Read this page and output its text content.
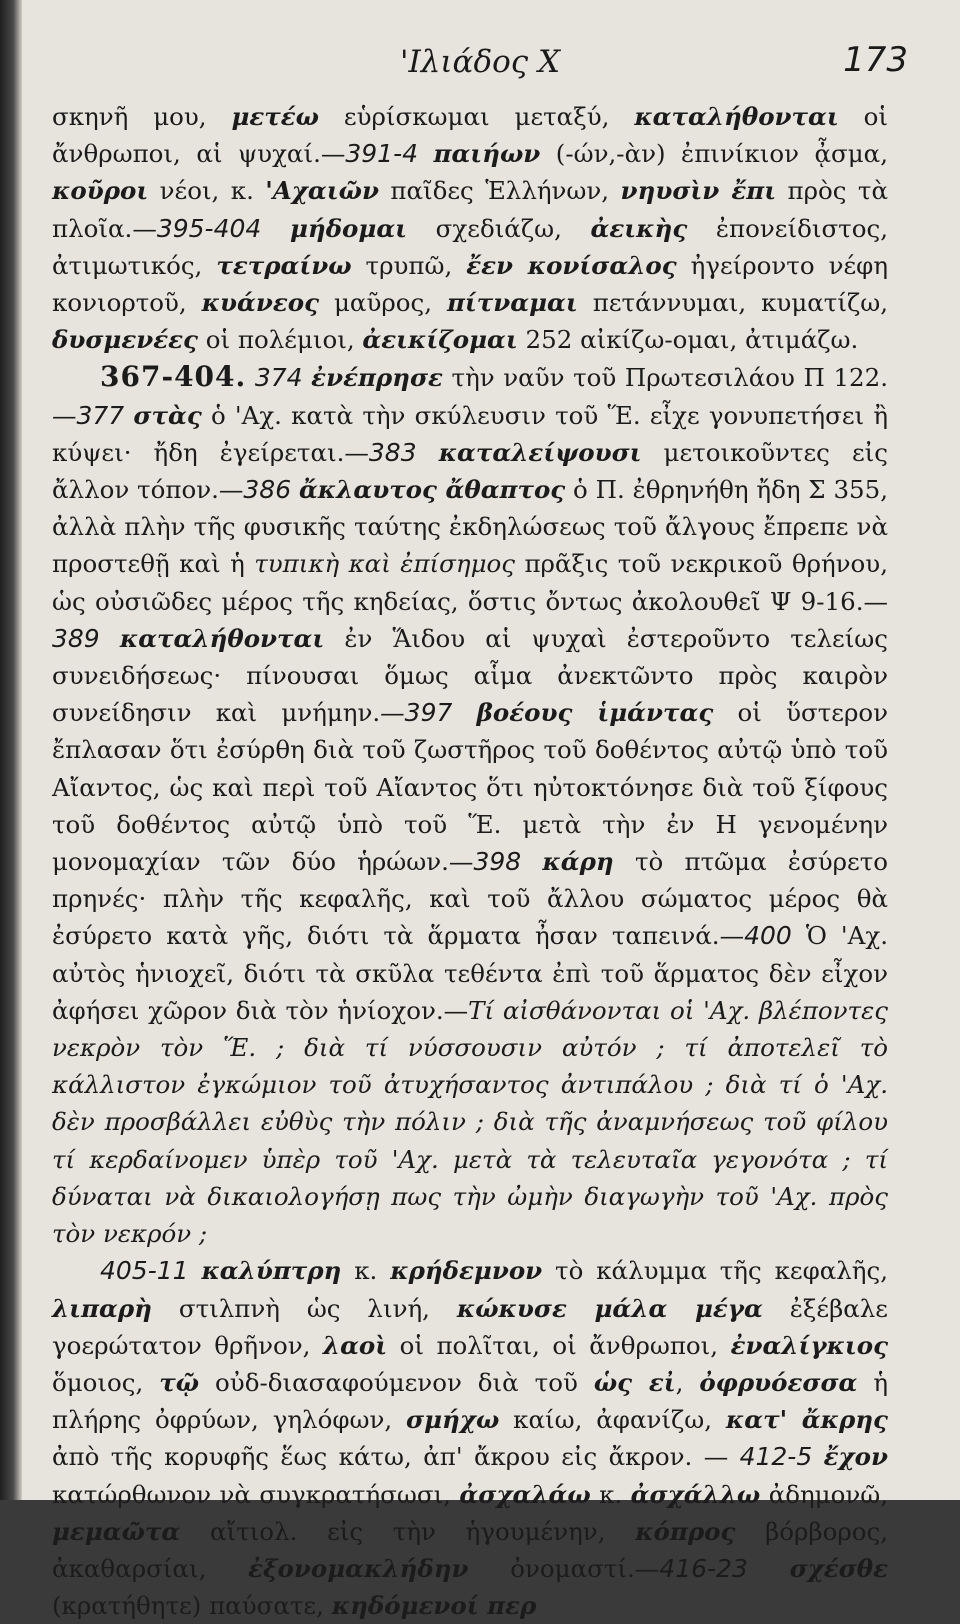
'Ιλιάδος X	173

σκηνῆ μου, μετέω εὑρίσκωμαι μεταξύ, καταλήθονται οἱ ἄνθρωποι, αἱ ψυχαί.—391-4 παιήων (-ών,-ὰν) ἐπινίκιον ᾆσμα, κοῦροι νέοι, κ. 'Αχαιῶν παῖδες Ἑλλήνων, νηυσὶν ἔπι πρὸς τὰ πλοῖα.—395-404 μήδομαι σχεδιάζω, ἀεικὴς ἐπονείδιστος, ἀτιμωτικός, τετραίνω τρυπῶ, ἔεν κονίσαλος ἠγείροντο νέφη κονιορτοῦ, κυάνεος μαῦρος, πίτναμαι πετάννυμαι, κυματίζω, δυσμενέες οἱ πολέμιοι, ἀεικίζομαι 252 αἰκίζω-ομαι, ἀτιμάζω.

367-404. 374 ἐνέπρησε τὴν ναῦν τοῦ Πρωτεσιλάου Π 122.—377 στὰς ὁ 'Αχ. κατὰ τὴν σκύλευσιν τοῦ Ἕ. εἶχε γονυπετήσει ἢ κύψει· ἤδη ἐγείρεται.—383 καταλείψουσι μετοικοῦντες εἰς ἄλλον τόπον.—386 ἄκλαυτος ἄθαπτος ὁ Π. ἐθρηνήθη ἤδη Σ 355, ἀλλὰ πλὴν τῆς φυσικῆς ταύτης ἐκδηλώσεως τοῦ ἄλγους ἔπρεπε νὰ προστεθῇ καὶ ἡ τυπικὴ καὶ ἐπίσημος πρᾶξις τοῦ νεκρικοῦ θρήνου, ὡς οὐσιῶδες μέρος τῆς κηδείας, ὅστις ὄντως ἀκολουθεῖ Ψ 9-16.—389 καταλήθονται ἐν Ἅιδου αἱ ψυχαὶ ἐστεροῦντο τελείως συνειδήσεως· πίνουσαι ὅμως αἷμα ἀνεκτῶντο πρὸς καιρὸν συνείδησιν καὶ μνήμην.—397 βοέους ἱμάντας οἱ ὕστερον ἔπλασαν ὅτι ἐσύρθη διὰ τοῦ ζωστῆρος τοῦ δοθέντος αὐτῷ ὑπὸ τοῦ Αἴαντος, ὡς καὶ περὶ τοῦ Αἴαντος ὅτι ηὐτοκτόνησε διὰ τοῦ ξίφους τοῦ δοθέντος αὐτῷ ὑπὸ τοῦ Ἕ. μετὰ τὴν ἐν Η γενομένην μονομαχίαν τῶν δύο ἡρώων.—398 κάρη τὸ πτῶμα ἐσύρετο πρηνές· πλὴν τῆς κεφαλῆς, καὶ τοῦ ἄλλου σώματος μέρος θὰ ἐσύρετο κατὰ γῆς, διότι τὰ ἅρματα ἦσαν ταπεινά.—400 Ὁ 'Αχ. αὐτὸς ἡνιοχεῖ, διότι τὰ σκῦλα τεθέντα ἐπὶ τοῦ ἅρματος δὲν εἶχον ἀφήσει χῶρον διὰ τὸν ἡνίοχον.—Τί αἰσθάνονται οἱ 'Αχ. βλέποντες νεκρὸν τὸν Ἕ. ; διὰ τί νύσσουσιν αὐτόν ; τί ἀποτελεῖ τὸ κάλλιστον ἐγκώμιον τοῦ ἀτυχήσαντος ἀντιπάλου ; διὰ τί ὁ 'Αχ. δὲν προσβάλλει εὐθὺς τὴν πόλιν ; διὰ τῆς ἀναμνήσεως τοῦ φίλου τί κερδαίνομεν ὑπὲρ τοῦ 'Αχ. μετὰ τὰ τελευταῖα γεγονότα ; τί δύναται νὰ δικαιολογήσῃ πως τὴν ὠμὴν διαγωγὴν τοῦ 'Αχ. πρὸς τὸν νεκρόν ;

405-11 καλύπτρη κ. κρήδεμνον τὸ κάλυμμα τῆς κεφαλῆς, λιπαρὴ στιλπνὴ ὡς λινή, κώκυσε μάλα μέγα ἐξέβαλε γοερώτατον θρῆνον, λαοὶ οἱ πολῖται, οἱ ἄνθρωποι, ἐναλίγκιος ὅμοιος, τῷ οὐδ-διασαφούμενον διὰ τοῦ ὡς εἰ, ὀφρυόεσσα ἡ πλήρης ὀφρύων, γηλόφων, σμήχω καίω, ἀφανίζω, κατ' ἄκρης ἀπὸ τῆς κορυφῆς ἕως κάτω, ἀπ' ἄκρου εἰς ἄκρον. — 412-5 ἔχον κατώρθωνον νὰ συγκρατήσωσι, ἀσχαλάω κ. ἀσχάλλω ἀδημονῶ, μεμαῶτα αἴτιολ. εἰς τὴν ἡγουμένην, κόπρος βόρβορος, ἀκαθαρσίαι, ἐξονομακλήδην ὀνομαστί.—416-23 σχέσθε (κρατήθητε) παύσατε, κηδόμενοί περ
